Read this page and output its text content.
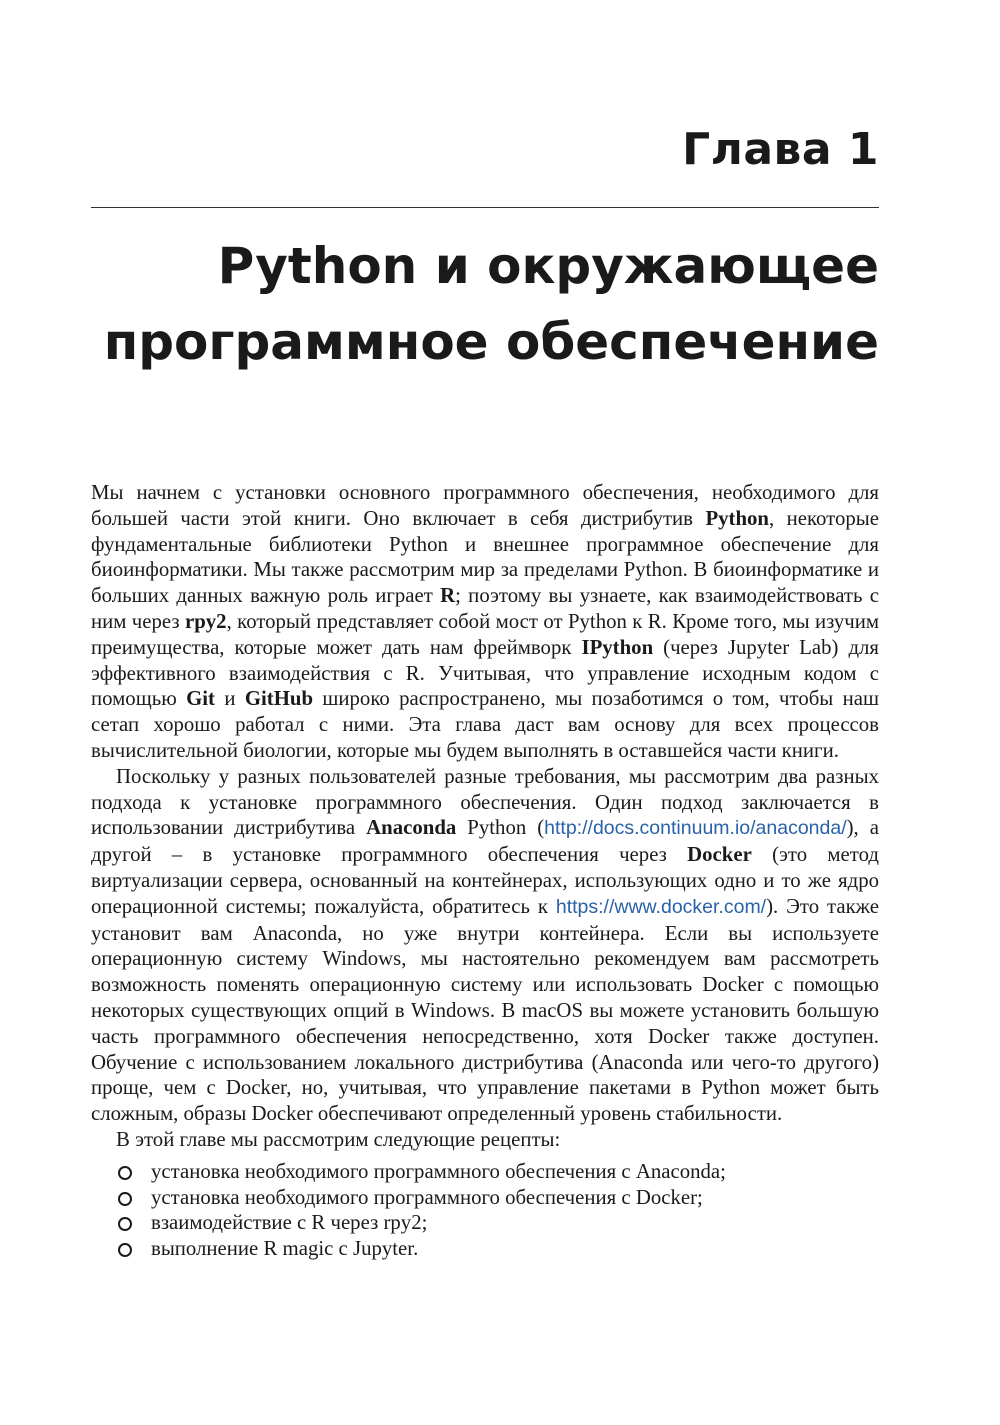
Глава 1
Python и окружающее
программное обеспечение

Мы начнем с установки основного программного обеспечения, необходимого для большей части этой книги. Оно включает в себя дистрибутив Python, некоторые фундаментальные библиотеки Python и внешнее программное обеспечение для биоинформатики. Мы также рассмотрим мир за пределами Python. В биоинформатике и больших данных важную роль играет R; поэтому вы узнаете, как взаимодействовать с ним через rpy2, который представляет собой мост от Python к R. Кроме того, мы изучим преимущества, которые может дать нам фреймворк IPython (через Jupyter Lab) для эффективного взаимодействия с R. Учитывая, что управление исходным кодом с помощью Git и GitHub широко распространено, мы позаботимся о том, чтобы наш сетап хорошо работал с ними. Эта глава даст вам основу для всех процессов вычислительной биологии, которые мы будем выполнять в оставшейся части книги.

Поскольку у разных пользователей разные требования, мы рассмотрим два разных подхода к установке программного обеспечения. Один подход заключается в использовании дистрибутива Anaconda Python (http://docs.continuum.io/anaconda/), а другой – в установке программного обеспечения через Docker (это метод виртуализации сервера, основанный на контейнерах, использующих одно и то же ядро операционной системы; пожалуйста, обратитесь к https://www.docker.com/). Это также установит вам Anaconda, но уже внутри контейнера. Если вы используете операционную систему Windows, мы настоятельно рекомендуем вам рассмотреть возможность поменять операционную систему или использовать Docker с помощью некоторых существующих опций в Windows. В macOS вы можете установить большую часть программного обеспечения непосредственно, хотя Docker также доступен. Обучение с использованием локального дистрибутива (Anaconda или чего-то другого) проще, чем с Docker, но, учитывая, что управление пакетами в Python может быть сложным, образы Docker обеспечивают определенный уровень стабильности.

В этой главе мы рассмотрим следующие рецепты:

установка необходимого программного обеспечения с Anaconda;
установка необходимого программного обеспечения с Docker;
взаимодействие с R через rpy2;
выполнение R magic с Jupyter.
